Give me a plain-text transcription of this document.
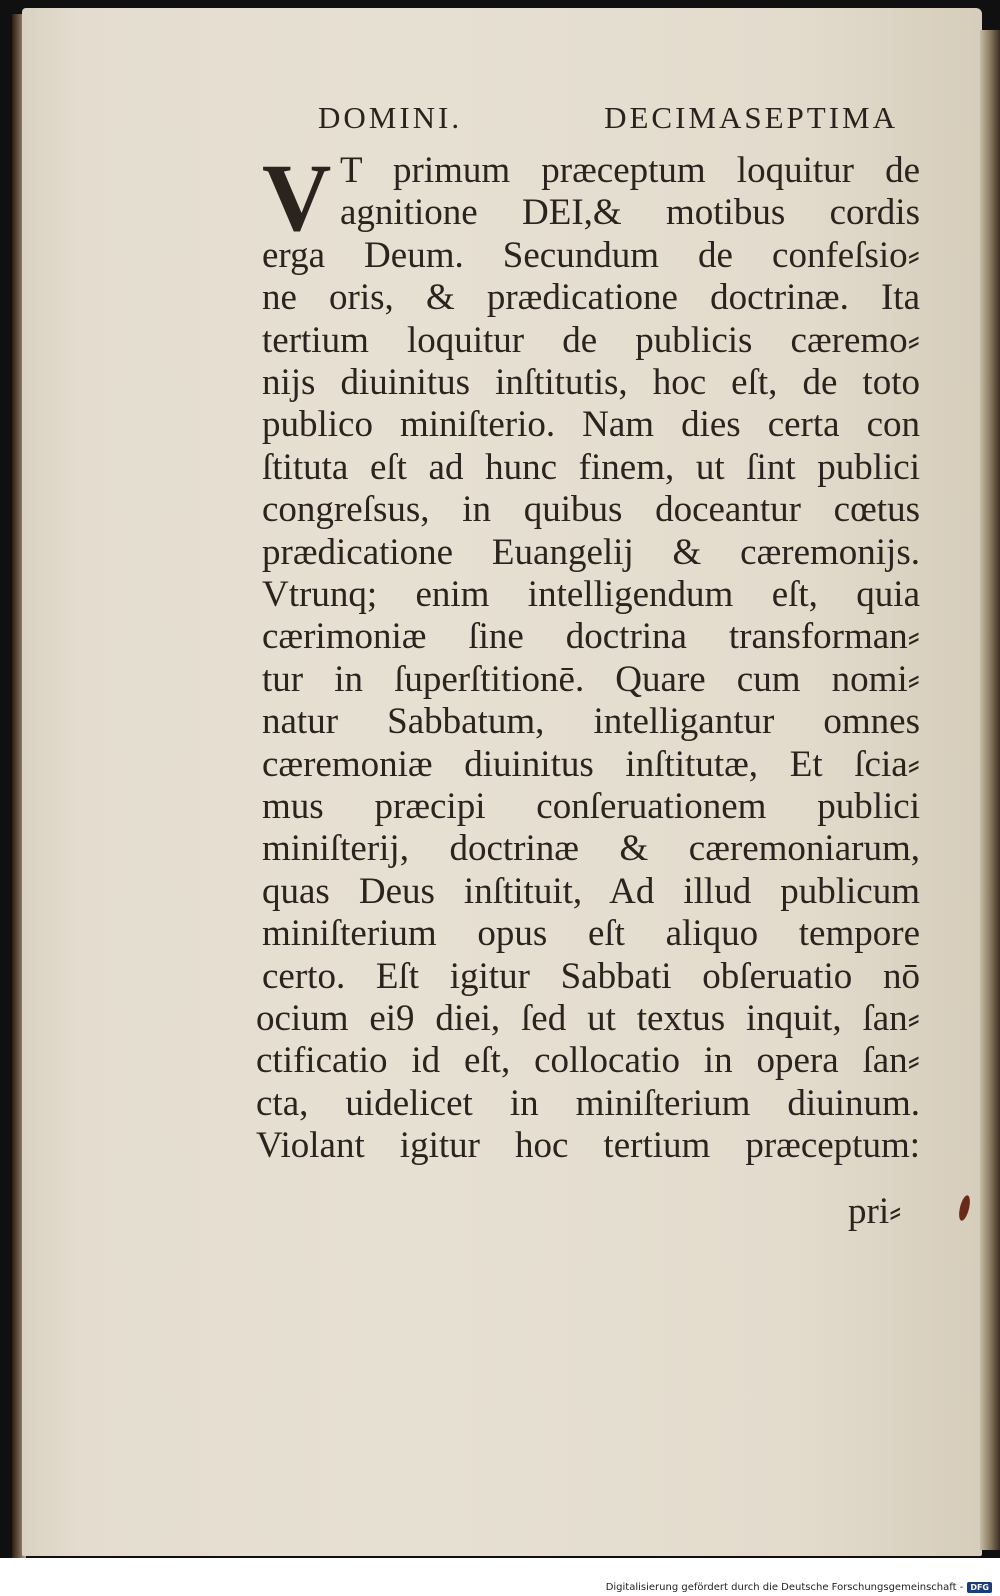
DOMINI.	DECIMASEPTIMA
V T primum præceptum loquitur de
agnitione DEI,& motibus cordis
erga Deum. Secundum de confeſsio⸗
ne oris, & prædicatione doctrinæ. Ita
tertium loquitur de publicis cæremo⸗
nijs diuinitus inſtitutis, hoc eſt, de toto
publico miniſterio. Nam dies certa con
ſtituta eſt ad hunc finem, ut ſint publici
congreſsus, in quibus doceantur cœtus
prædicatione Euangelij & cæremonijs.
Vtrunq; enim intelligendum eſt, quia
cærimoniæ ſine doctrina transforman⸗
tur in ſuperſtitionē. Quare cum nomi⸗
natur Sabbatum, intelligantur omnes
cæremoniæ diuinitus inſtitutæ, Et ſcia⸗
mus præcipi conſeruationem publici
miniſterij, doctrinæ & cæremoniarum,
quas Deus inſtituit, Ad illud publicum
miniſterium opus eſt aliquo tempore
certo. Eſt igitur Sabbati obſeruatio nō
ocium ei9 diei, ſed ut textus inquit, ſan⸗
ctificatio id eſt, collocatio in opera ſan⸗
cta, uidelicet in miniſterium diuinum.
Violant igitur hoc tertium præceptum:
pri⸗
Digitalisierung gefördert durch die Deutsche Forschungsgemeinschaft - DFG
